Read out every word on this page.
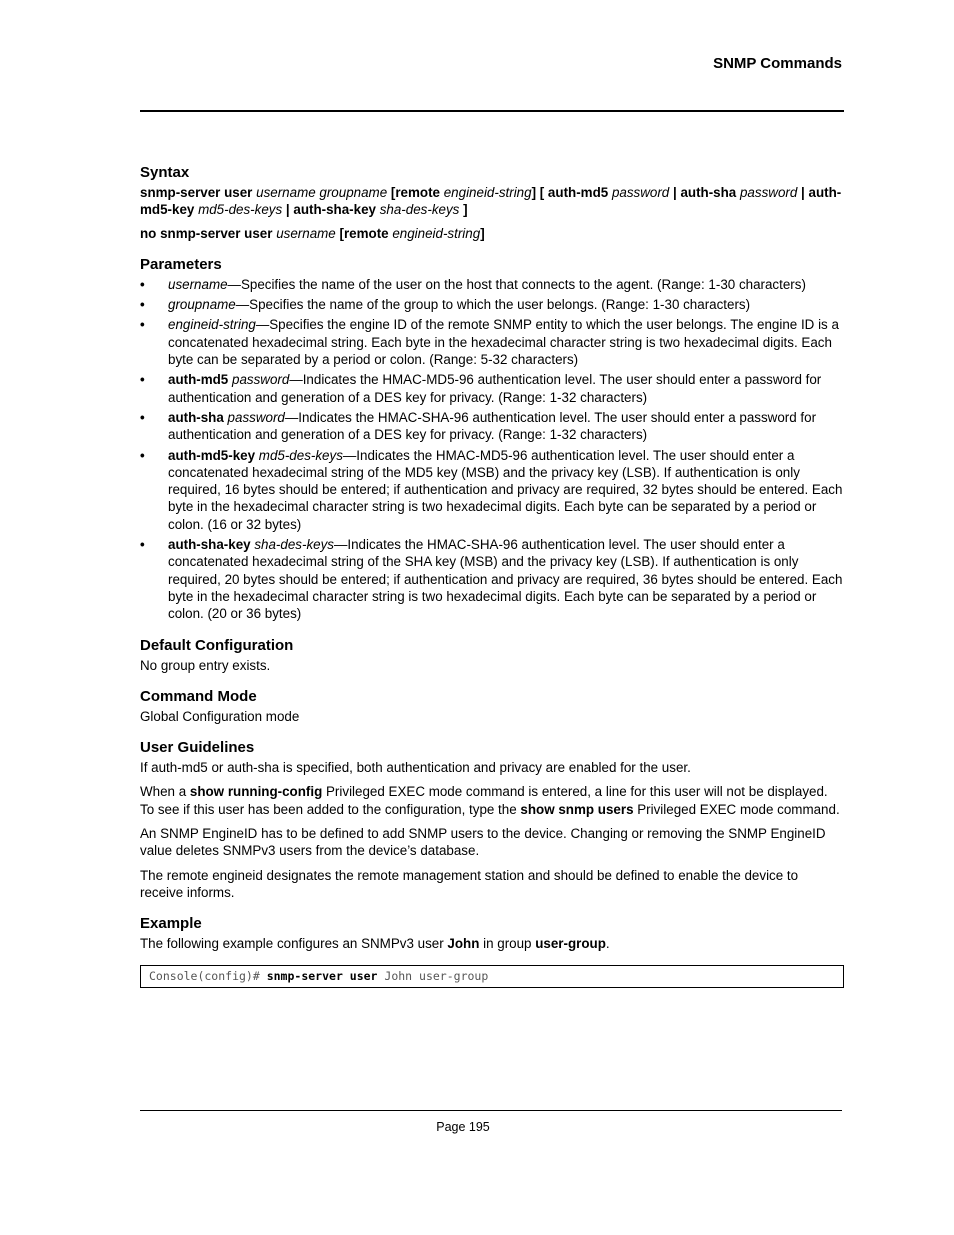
SNMP Commands
Syntax

snmp-server user username groupname [remote engineid-string] [ auth-md5 password | auth-sha password | auth-md5-key md5-des-keys | auth-sha-key sha-des-keys ]

no snmp-server user username [remote engineid-string]

Parameters
• username—Specifies the name of the user on the host that connects to the agent. (Range: 1-30 characters)
• groupname—Specifies the name of the group to which the user belongs. (Range: 1-30 characters)
• engineid-string—Specifies the engine ID of the remote SNMP entity to which the user belongs. The engine ID is a concatenated hexadecimal string. Each byte in the hexadecimal character string is two hexadecimal digits. Each byte can be separated by a period or colon. (Range: 5-32 characters)
• auth-md5 password—Indicates the HMAC-MD5-96 authentication level. The user should enter a password for authentication and generation of a DES key for privacy. (Range: 1-32 characters)
• auth-sha password—Indicates the HMAC-SHA-96 authentication level. The user should enter a password for authentication and generation of a DES key for privacy. (Range: 1-32 characters)
• auth-md5-key md5-des-keys—Indicates the HMAC-MD5-96 authentication level. The user should enter a concatenated hexadecimal string of the MD5 key (MSB) and the privacy key (LSB). If authentication is only required, 16 bytes should be entered; if authentication and privacy are required, 32 bytes should be entered. Each byte in the hexadecimal character string is two hexadecimal digits. Each byte can be separated by a period or colon. (16 or 32 bytes)
• auth-sha-key sha-des-keys—Indicates the HMAC-SHA-96 authentication level. The user should enter a concatenated hexadecimal string of the SHA key (MSB) and the privacy key (LSB). If authentication is only required, 20 bytes should be entered; if authentication and privacy are required, 36 bytes should be entered. Each byte in the hexadecimal character string is two hexadecimal digits. Each byte can be separated by a period or colon. (20 or 36 bytes)
Default Configuration

No group entry exists.

Command Mode

Global Configuration mode

User Guidelines

If auth-md5 or auth-sha is specified, both authentication and privacy are enabled for the user.

When a show running-config Privileged EXEC mode command is entered, a line for this user will not be displayed. To see if this user has been added to the configuration, type the show snmp users Privileged EXEC mode command.

An SNMP EngineID has to be defined to add SNMP users to the device. Changing or removing the SNMP EngineID value deletes SNMPv3 users from the device’s database.

The remote engineid designates the remote management station and should be defined to enable the device to receive informs.

Example

The following example configures an SNMPv3 user John in group user-group.

Console(config)# snmp-server user John user-group
Page 195
